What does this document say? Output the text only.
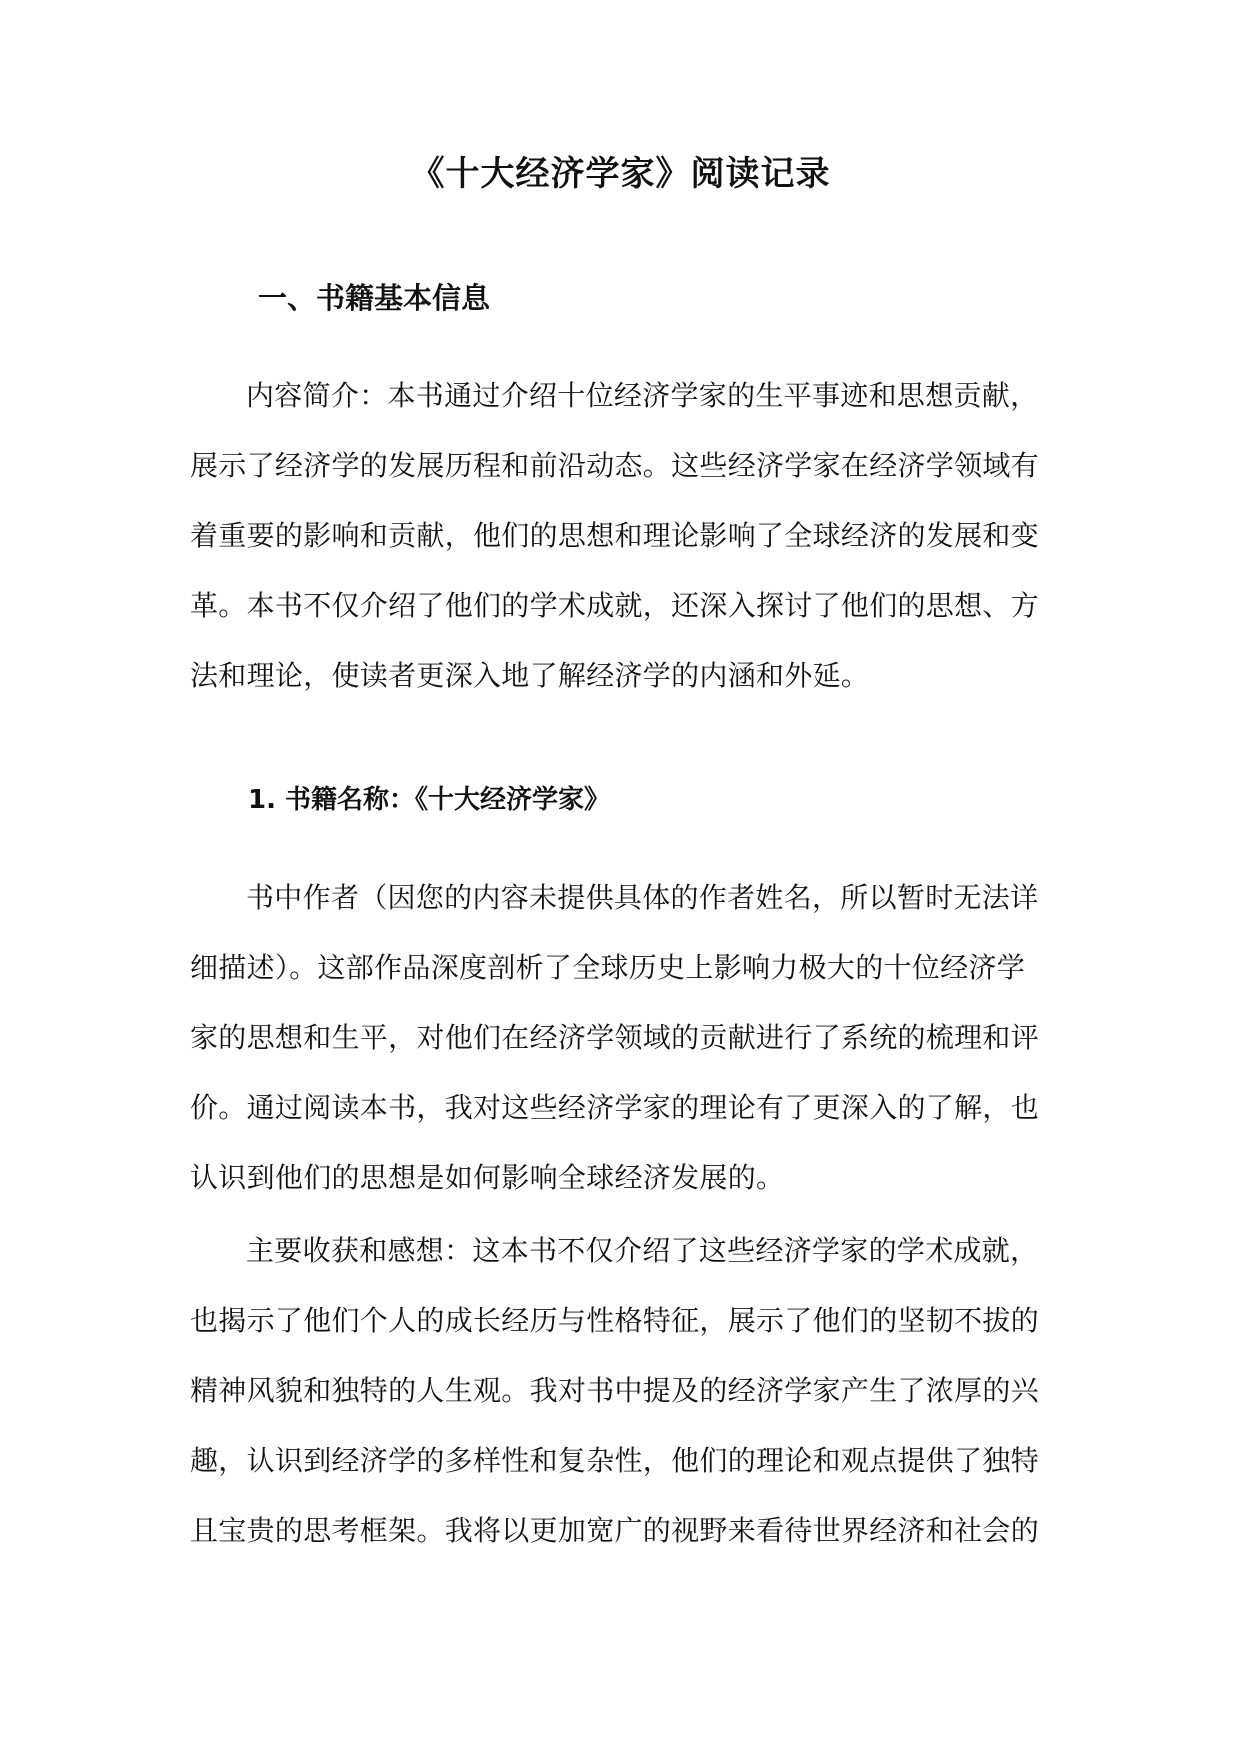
《十大经济学家》阅读记录
一、书籍基本信息
内容简介：本书通过介绍十位经济学家的生平事迹和思想贡献，
展示了经济学的发展历程和前沿动态。这些经济学家在经济学领域有
着重要的影响和贡献，他们的思想和理论影响了全球经济的发展和变
革。本书不仅介绍了他们的学术成就，还深入探讨了他们的思想、方
法和理论，使读者更深入地了解经济学的内涵和外延。
1. 书籍名称：《十大经济学家》
书中作者（因您的内容未提供具体的作者姓名，所以暂时无法详
细描述）。这部作品深度剖析了全球历史上影响力极大的十位经济学
家的思想和生平，对他们在经济学领域的贡献进行了系统的梳理和评
价。通过阅读本书，我对这些经济学家的理论有了更深入的了解，也
认识到他们的思想是如何影响全球经济发展的。
主要收获和感想：这本书不仅介绍了这些经济学家的学术成就，
也揭示了他们个人的成长经历与性格特征，展示了他们的坚韧不拔的
精神风貌和独特的人生观。我对书中提及的经济学家产生了浓厚的兴
趣，认识到经济学的多样性和复杂性，他们的理论和观点提供了独特
且宝贵的思考框架。我将以更加宽广的视野来看待世界经济和社会的
